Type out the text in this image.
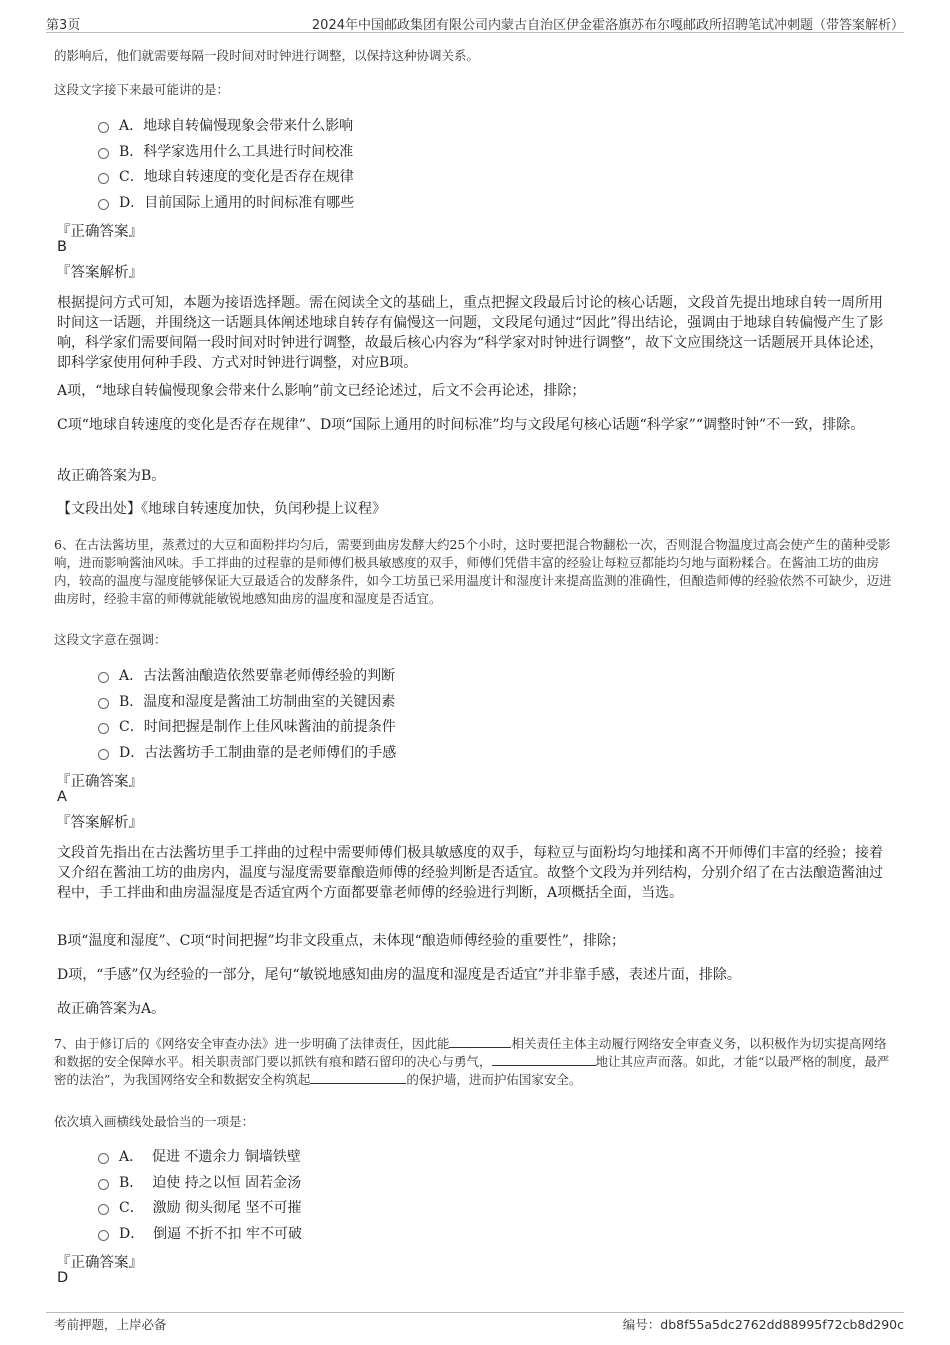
第3页	2024年中国邮政集团有限公司内蒙古自治区伊金霍洛旗苏布尔嘎邮政所招聘笔试冲刺题（带答案解析）
的影响后，他们就需要每隔一段时间对时钟进行调整，以保持这种协调关系。
这段文字接下来最可能讲的是：
A．地球自转偏慢现象会带来什么影响
B．科学家选用什么工具进行时间校准
C．地球自转速度的变化是否存在规律
D．目前国际上通用的时间标准有哪些
『正确答案』
B
『答案解析』
根据提问方式可知，本题为接语选择题。需在阅读全文的基础上，重点把握文段最后讨论的核心话题，文段首先提出地球自转一周所用时间这一话题，并围绕这一话题具体阐述地球自转存有偏慢这一问题，文段尾句通过“因此”得出结论，强调由于地球自转偏慢产生了影响，科学家们需要间隔一段时间对时钟进行调整，故最后核心内容为“科学家对时钟进行调整”，故下文应围绕这一话题展开具体论述，即科学家使用何种手段、方式对时钟进行调整，对应B项。
A项，“地球自转偏慢现象会带来什么影响”前文已经论述过，后文不会再论述，排除；
C项“地球自转速度的变化是否存在规律”、D项“国际上通用的时间标准”均与文段尾句核心话题“科学家”“调整时钟”不一致，排除。
故正确答案为B。
【文段出处】《地球自转速度加快，负闰秒提上议程》
6、在古法酱坊里，蒸煮过的大豆和面粉拌均匀后，需要到曲房发酵大约25个小时，这时要把混合物翻松一次，否则混合物温度过高会使产生的菌种受影响，进而影响酱油风味。手工拌曲的过程靠的是师傅们极具敏感度的双手，师傅们凭借丰富的经验让每粒豆都能均匀地与面粉糅合。在酱油工坊的曲房内，较高的温度与湿度能够保证大豆最适合的发酵条件，如今工坊虽已采用温度计和湿度计来提高监测的准确性，但酿造师傅的经验依然不可缺少，迈进曲房时，经验丰富的师傅就能敏锐地感知曲房的温度和湿度是否适宜。
这段文字意在强调：
A．古法酱油酿造依然要靠老师傅经验的判断
B．温度和湿度是酱油工坊制曲室的关键因素
C．时间把握是制作上佳风味酱油的前提条件
D．古法酱坊手工制曲靠的是老师傅们的手感
『正确答案』
A
『答案解析』
文段首先指出在古法酱坊里手工拌曲的过程中需要师傅们极具敏感度的双手，每粒豆与面粉均匀地揉和离不开师傅们丰富的经验；接着又介绍在酱油工坊的曲房内，温度与湿度需要靠酿造师傅的经验判断是否适宜。故整个文段为并列结构，分别介绍了在古法酿造酱油过程中，手工拌曲和曲房温湿度是否适宜两个方面都要靠老师傅的经验进行判断，A项概括全面，当选。
B项“温度和湿度”、C项“时间把握”均非文段重点，未体现“酿造师傅经验的重要性”，排除；
D项，“手感”仅为经验的一部分，尾句“敏锐地感知曲房的温度和湿度是否适宜”并非靠手感，表述片面，排除。
故正确答案为A。
7、由于修订后的《网络安全审查办法》进一步明确了法律责任，因此能	相关责任主体主动履行网络安全审查义务，以积极作为切实提高网络和数据的安全保障水平。相关职责部门要以抓铁有痕和踏石留印的决心与勇气，	地让其应声而落。如此，才能“以最严格的制度，最严密的法治”，为我国网络安全和数据安全构筑起	的保护墙，进而护佑国家安全。
依次填入画横线处最恰当的一项是：
A．  促进 不遗余力 铜墙铁壁
B．  迫使 持之以恒 固若金汤
C．  激励 彻头彻尾 坚不可摧
D．  倒逼 不折不扣 牢不可破
『正确答案』
D
考前押题，上岸必备	编号：db8f55a5dc2762dd88995f72cb8d290c
